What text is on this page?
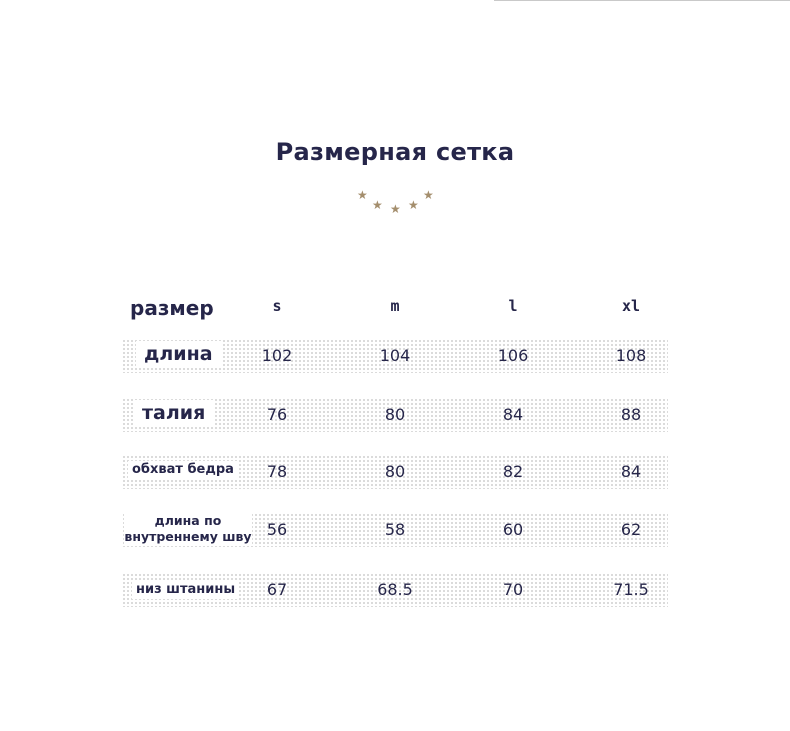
Размерная сетка
★
★ ★ ★
★
размер	s	m	l	xl
длина	102	104	106	108
талия	76	80	84	88
обхват бедра	78	80	82	84
длина по
внутреннему шву 56	58	60	62
низ штанины	67	68.5	70	71.5
